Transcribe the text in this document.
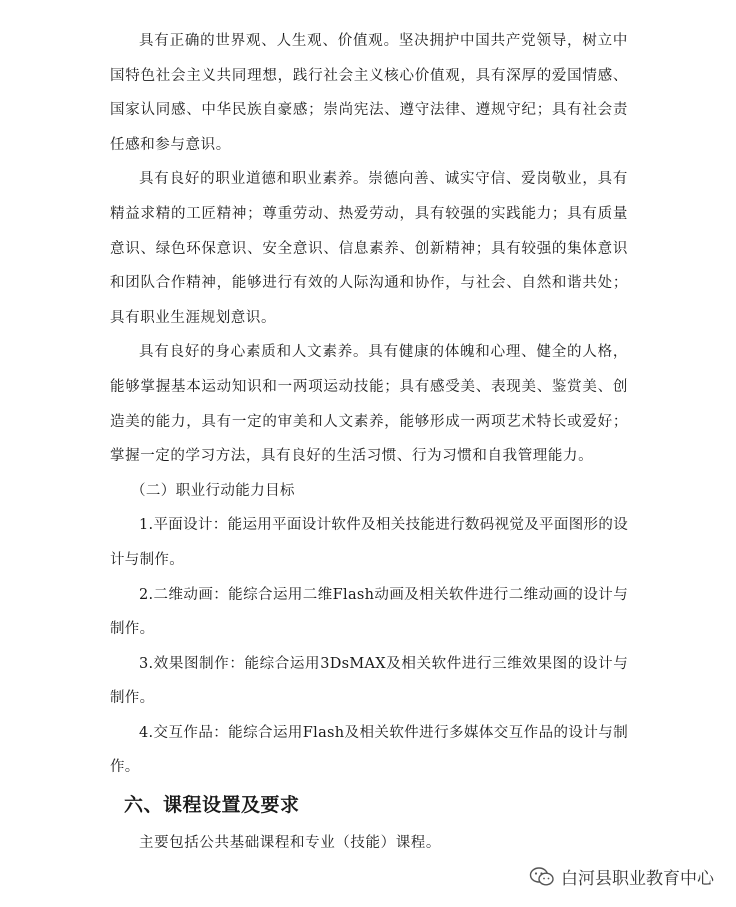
具有正确的世界观、人生观、价值观。坚决拥护中国共产党领导，树立中国特色社会主义共同理想，践行社会主义核心价值观，具有深厚的爱国情感、国家认同感、中华民族自豪感；崇尚宪法、遵守法律、遵规守纪；具有社会责任感和参与意识。

具有良好的职业道德和职业素养。崇德向善、诚实守信、爱岗敬业，具有精益求精的工匠精神；尊重劳动、热爱劳动，具有较强的实践能力；具有质量意识、绿色环保意识、安全意识、信息素养、创新精神；具有较强的集体意识和团队合作精神，能够进行有效的人际沟通和协作，与社会、自然和谐共处；具有职业生涯规划意识。

具有良好的身心素质和人文素养。具有健康的体魄和心理、健全的人格，能够掌握基本运动知识和一两项运动技能；具有感受美、表现美、鉴赏美、创造美的能力，具有一定的审美和人文素养，能够形成一两项艺术特长或爱好；掌握一定的学习方法，具有良好的生活习惯、行为习惯和自我管理能力。

（二）职业行动能力目标

1.平面设计：能运用平面设计软件及相关技能进行数码视觉及平面图形的设计与制作。

2.二维动画：能综合运用二维Flash动画及相关软件进行二维动画的设计与制作。

3.效果图制作：能综合运用3DsMAX及相关软件进行三维效果图的设计与制作。

4.交互作品：能综合运用Flash及相关软件进行多媒体交互作品的设计与制作。

六、课程设置及要求

主要包括公共基础课程和专业（技能）课程。

白河县职业教育中心
